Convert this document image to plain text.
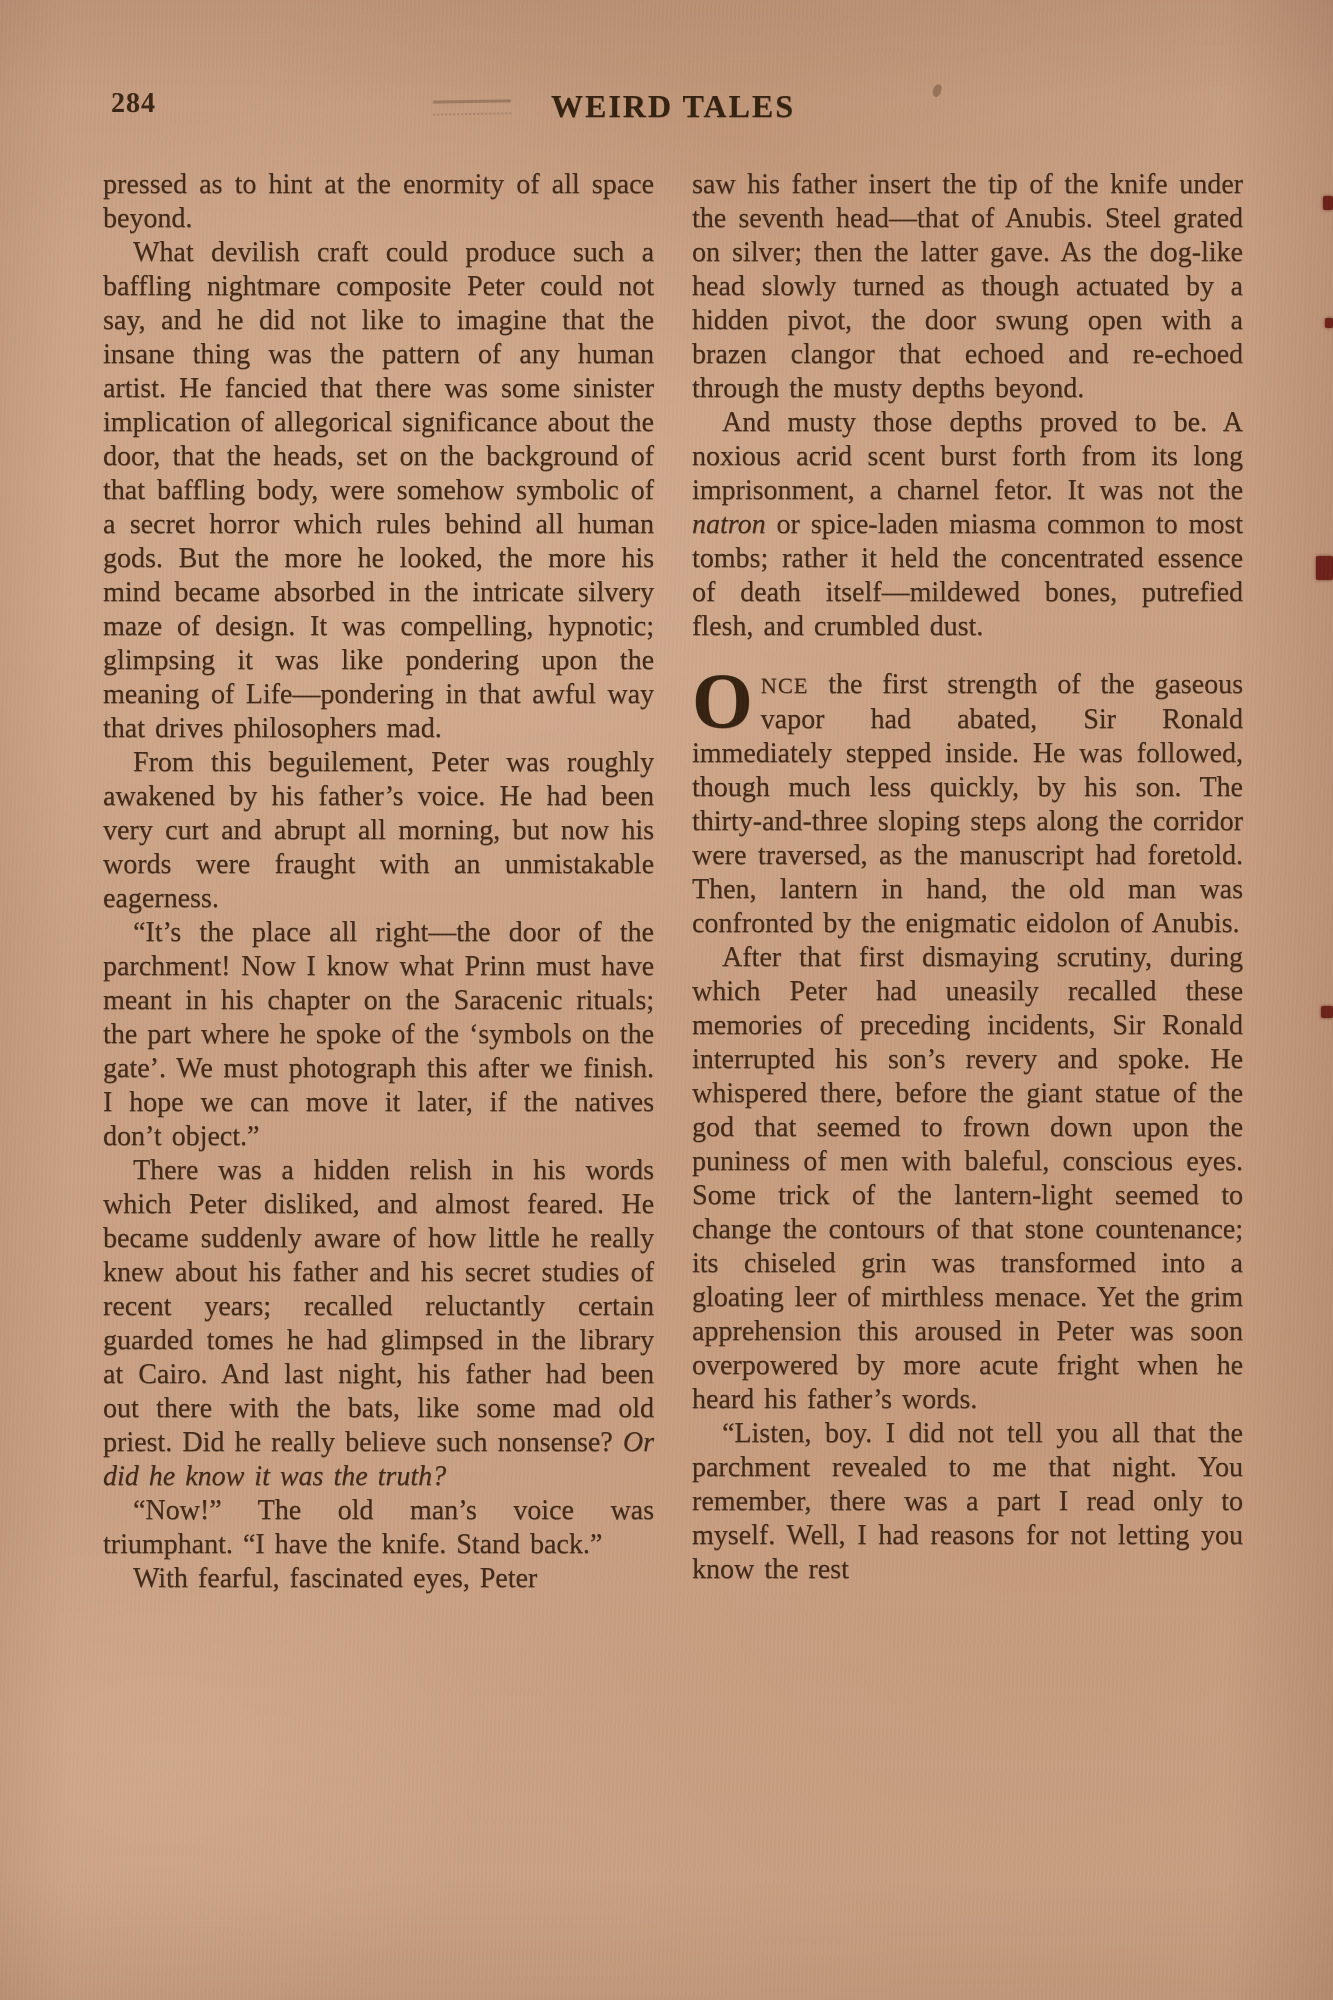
284	WEIRD TALES

pressed as to hint at the enormity of all space beyond.

What devilish craft could produce such a baffling nightmare composite Peter could not say, and he did not like to imagine that the insane thing was the pattern of any human artist. He fancied that there was some sinister implication of allegorical significance about the door, that the heads, set on the background of that baffling body, were somehow symbolic of a secret horror which rules behind all human gods. But the more he looked, the more his mind became absorbed in the intricate silvery maze of design. It was compelling, hypnotic; glimpsing it was like pondering upon the meaning of Life—pondering in that awful way that drives philosophers mad.

From this beguilement, Peter was roughly awakened by his father’s voice. He had been very curt and abrupt all morning, but now his words were fraught with an unmistakable eagerness.

“It’s the place all right—the door of the parchment! Now I know what Prinn must have meant in his chapter on the Saracenic rituals; the part where he spoke of the ‘symbols on the gate’. We must photograph this after we finish. I hope we can move it later, if the natives don’t object.”

There was a hidden relish in his words which Peter disliked, and almost feared. He became suddenly aware of how little he really knew about his father and his secret studies of recent years; recalled reluctantly certain guarded tomes he had glimpsed in the library at Cairo. And last night, his father had been out there with the bats, like some mad old priest. Did he really believe such nonsense? Or did he know it was the truth?

“Now!” The old man’s voice was triumphant. “I have the knife. Stand back.”

With fearful, fascinated eyes, Peter

saw his father insert the tip of the knife under the seventh head—that of Anubis. Steel grated on silver; then the latter gave. As the dog-like head slowly turned as though actuated by a hidden pivot, the door swung open with a brazen clangor that echoed and re-echoed through the musty depths beyond.

And musty those depths proved to be. A noxious acrid scent burst forth from its long imprisonment, a charnel fetor. It was not the natron or spice-laden miasma common to most tombs; rather it held the concentrated essence of death itself—mildewed bones, putrefied flesh, and crumbled dust.

ONCE the first strength of the gaseous vapor had abated, Sir Ronald immediately stepped inside. He was followed, though much less quickly, by his son. The thirty-and-three sloping steps along the corridor were traversed, as the manuscript had foretold. Then, lantern in hand, the old man was confronted by the enigmatic eidolon of Anubis.

After that first dismaying scrutiny, during which Peter had uneasily recalled these memories of preceding incidents, Sir Ronald interrupted his son’s revery and spoke. He whispered there, before the giant statue of the god that seemed to frown down upon the puniness of men with baleful, conscious eyes. Some trick of the lantern-light seemed to change the contours of that stone countenance; its chiseled grin was transformed into a gloating leer of mirthless menace. Yet the grim apprehension this aroused in Peter was soon overpowered by more acute fright when he heard his father’s words.

“Listen, boy. I did not tell you all that the parchment revealed to me that night. You remember, there was a part I read only to myself. Well, I had reasons for not letting you know the rest
